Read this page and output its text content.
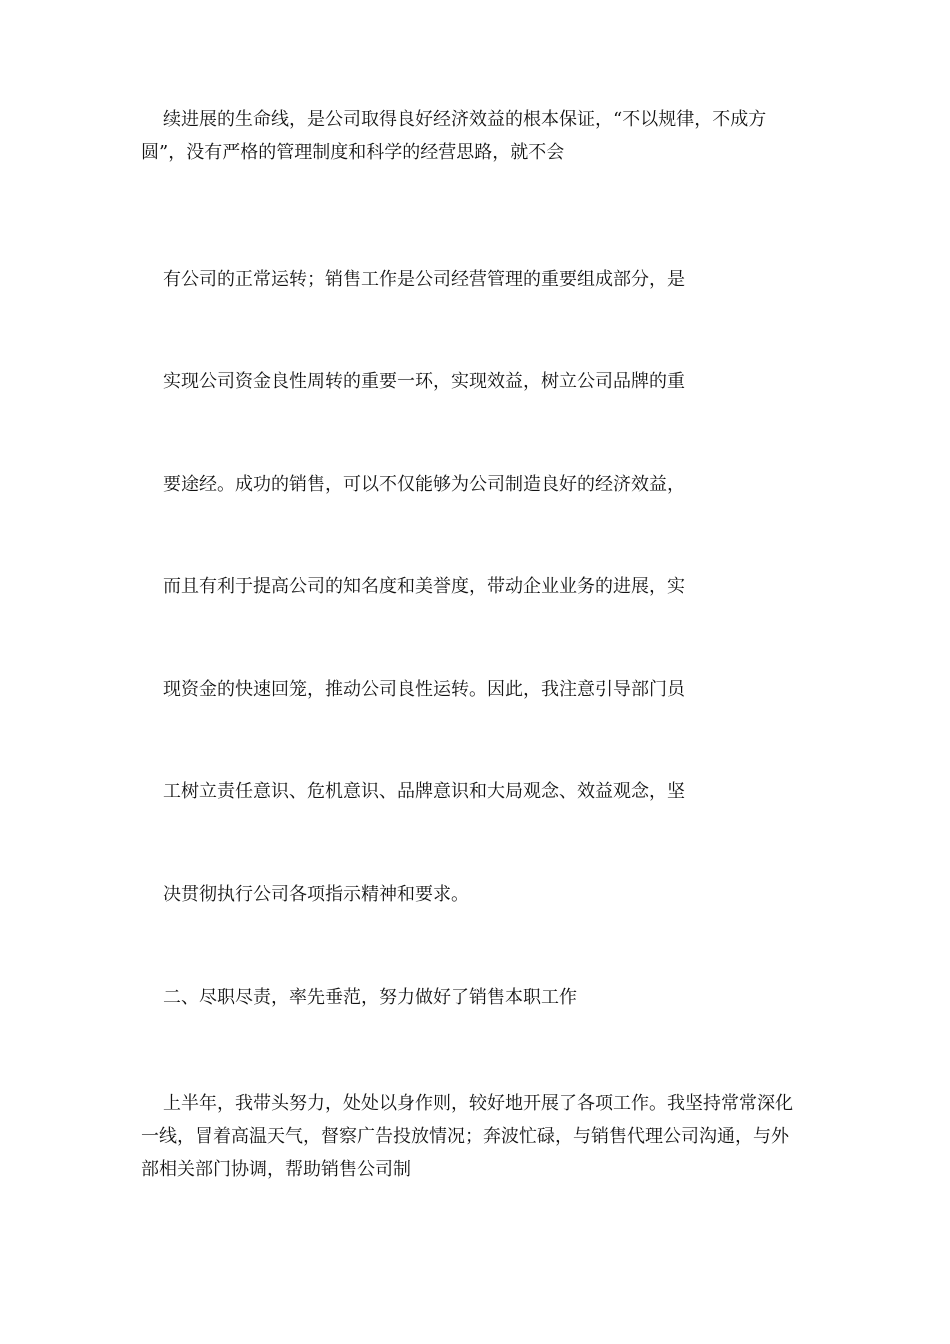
续进展的生命线，是公司取得良好经济效益的根本保证，“不以规律，不成方圆”，没有严格的管理制度和科学的经营思路，就不会

有公司的正常运转；销售工作是公司经营管理的重要组成部分，是
实现公司资金良性周转的重要一环，实现效益，树立公司品牌的重
要途经。成功的销售，可以不仅能够为公司制造良好的经济效益，
而且有利于提高公司的知名度和美誉度，带动企业业务的进展，实
现资金的快速回笼，推动公司良性运转。因此，我注意引导部门员
工树立责任意识、危机意识、品牌意识和大局观念、效益观念，坚
决贯彻执行公司各项指示精神和要求。
二、尽职尽责，率先垂范，努力做好了销售本职工作

上半年，我带头努力，处处以身作则，较好地开展了各项工作。我坚持常常深化一线，冒着高温天气，督察广告投放情况；奔波忙碌，与销售代理公司沟通，与外部相关部门协调，帮助销售公司制
